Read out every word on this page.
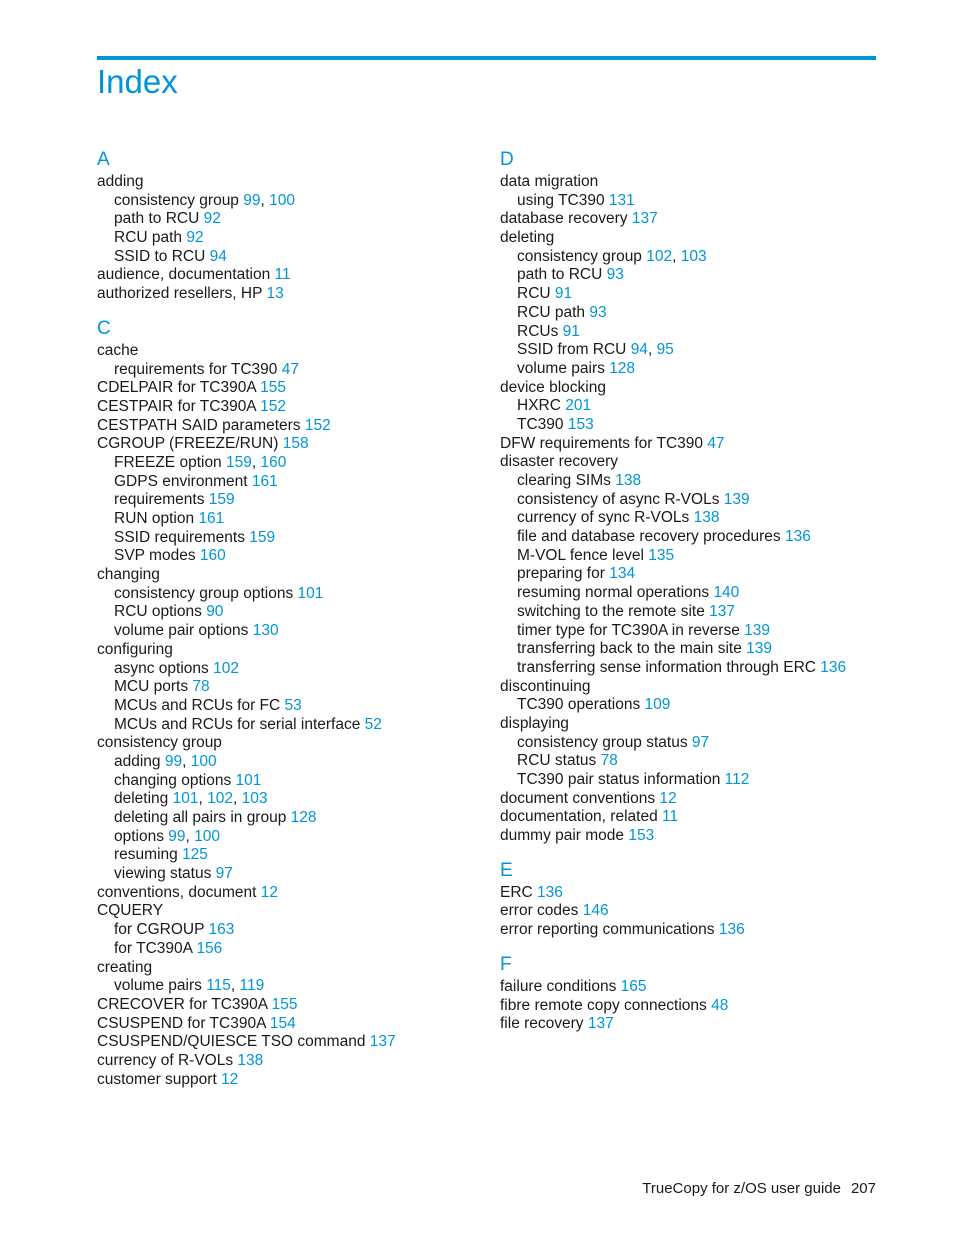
Index
A
adding
consistency group 99, 100
path to RCU 92
RCU path 92
SSID to RCU 94
audience, documentation 11
authorized resellers, HP 13
C
cache
requirements for TC390 47
CDELPAIR for TC390A 155
CESTPAIR for TC390A 152
CESTPATH SAID parameters 152
CGROUP (FREEZE/RUN) 158
FREEZE option 159, 160
GDPS environment 161
requirements 159
RUN option 161
SSID requirements 159
SVP modes 160
changing
consistency group options 101
RCU options 90
volume pair options 130
configuring
async options 102
MCU ports 78
MCUs and RCUs for FC 53
MCUs and RCUs for serial interface 52
consistency group
adding 99, 100
changing options 101
deleting 101, 102, 103
deleting all pairs in group 128
options 99, 100
resuming 125
viewing status 97
conventions, document 12
CQUERY
for CGROUP 163
for TC390A 156
creating
volume pairs 115, 119
CRECOVER for TC390A 155
CSUSPEND for TC390A 154
CSUSPEND/QUIESCE TSO command 137
currency of R-VOLs 138
customer support 12
D
data migration
using TC390 131
database recovery 137
deleting
consistency group 102, 103
path to RCU 93
RCU 91
RCU path 93
RCUs 91
SSID from RCU 94, 95
volume pairs 128
device blocking
HXRC 201
TC390 153
DFW requirements for TC390 47
disaster recovery
clearing SIMs 138
consistency of async R-VOLs 139
currency of sync R-VOLs 138
file and database recovery procedures 136
M-VOL fence level 135
preparing for 134
resuming normal operations 140
switching to the remote site 137
timer type for TC390A in reverse 139
transferring back to the main site 139
transferring sense information through ERC 136
discontinuing
TC390 operations 109
displaying
consistency group status 97
RCU status 78
TC390 pair status information 112
document conventions 12
documentation, related 11
dummy pair mode 153
E
ERC 136
error codes 146
error reporting communications 136
F
failure conditions 165
fibre remote copy connections 48
file recovery 137
TrueCopy for z/OS user guide 207
